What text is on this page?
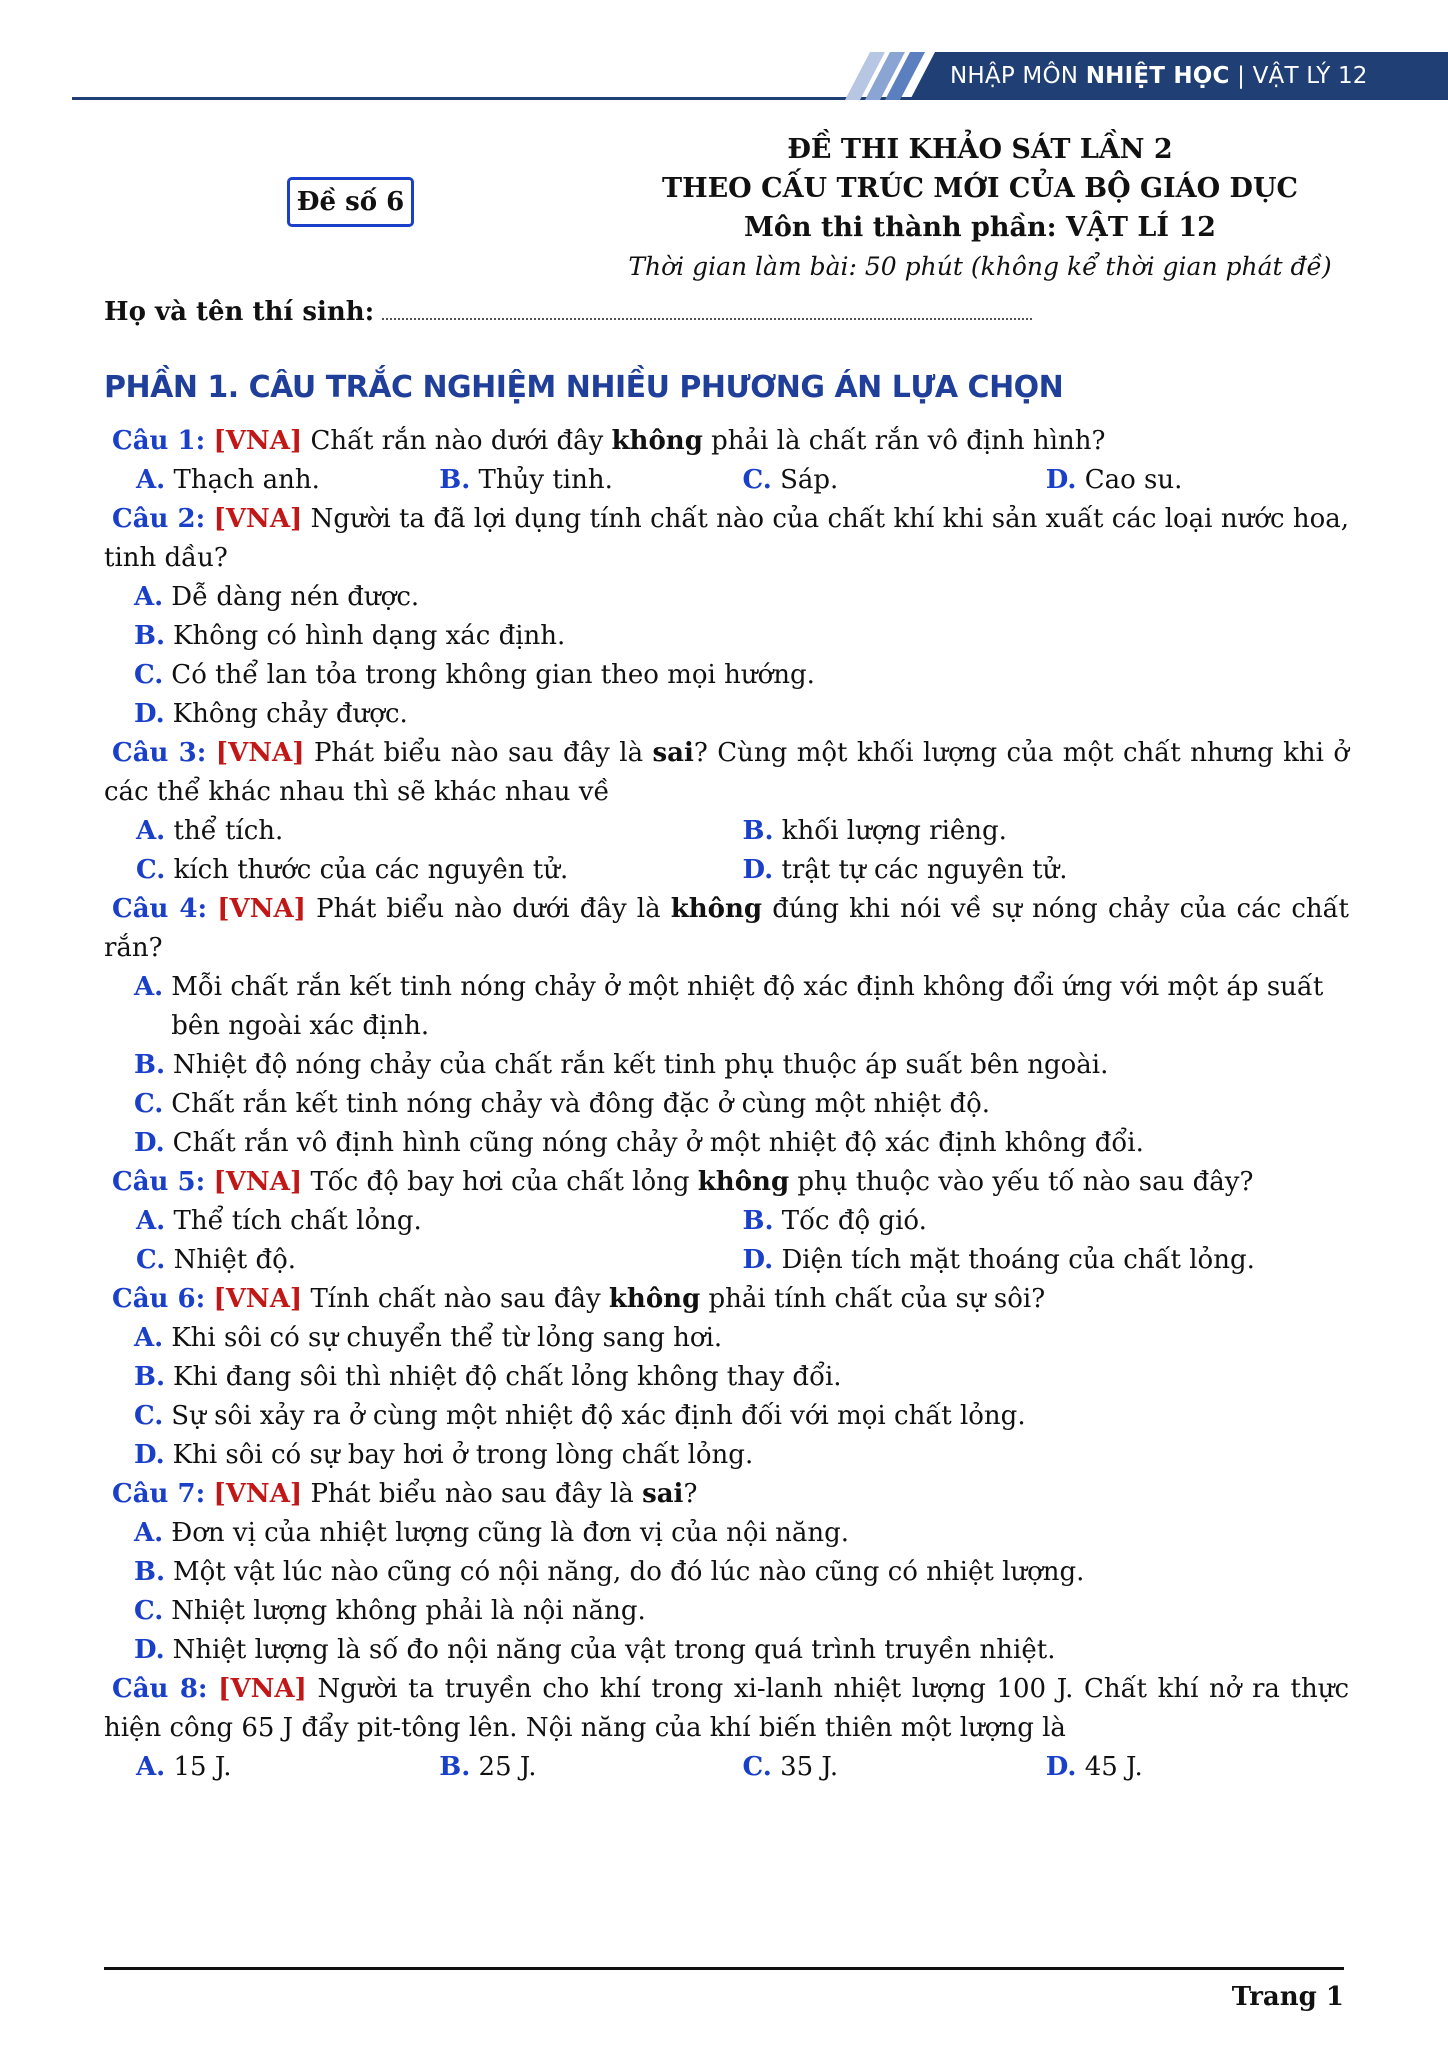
NHẬP MÔN NHIỆT HỌC | VẬT LÝ 12
Đề số 6
ĐỀ THI KHẢO SÁT LẦN 2
THEO CẤU TRÚC MỚI CỦA BỘ GIÁO DỤC
Môn thi thành phần: VẬT LÍ 12
Thời gian làm bài: 50 phút (không kể thời gian phát đề)
Họ và tên thí sinh:
PHẦN 1. CÂU TRẮC NGHIỆM NHIỀU PHƯƠNG ÁN LỰA CHỌN

Câu 1: [VNA] Chất rắn nào dưới đây không phải là chất rắn vô định hình?

A. Thạch anh.	B. Thủy tinh.	C. Sáp.	D. Cao su.

Câu 2: [VNA] Người ta đã lợi dụng tính chất nào của chất khí khi sản xuất các loại nước hoa, tinh dầu?

A. Dễ dàng nén được.
B. Không có hình dạng xác định.
C. Có thể lan tỏa trong không gian theo mọi hướng.
D. Không chảy được.

Câu 3: [VNA] Phát biểu nào sau đây là sai? Cùng một khối lượng của một chất nhưng khi ở các thể khác nhau thì sẽ khác nhau về

A. thể tích.	B. khối lượng riêng.
C. kích thước của các nguyên tử.	D. trật tự các nguyên tử.

Câu 4: [VNA] Phát biểu nào dưới đây là không đúng khi nói về sự nóng chảy của các chất rắn?

A. Mỗi chất rắn kết tinh nóng chảy ở một nhiệt độ xác định không đổi ứng với một áp suất bên ngoài xác định.
B. Nhiệt độ nóng chảy của chất rắn kết tinh phụ thuộc áp suất bên ngoài.
C. Chất rắn kết tinh nóng chảy và đông đặc ở cùng một nhiệt độ.
D. Chất rắn vô định hình cũng nóng chảy ở một nhiệt độ xác định không đổi.

Câu 5: [VNA] Tốc độ bay hơi của chất lỏng không phụ thuộc vào yếu tố nào sau đây?

A. Thể tích chất lỏng.	B. Tốc độ gió.
C. Nhiệt độ.	D. Diện tích mặt thoáng của chất lỏng.

Câu 6: [VNA] Tính chất nào sau đây không phải tính chất của sự sôi?

A. Khi sôi có sự chuyển thể từ lỏng sang hơi.
B. Khi đang sôi thì nhiệt độ chất lỏng không thay đổi.
C. Sự sôi xảy ra ở cùng một nhiệt độ xác định đối với mọi chất lỏng.
D. Khi sôi có sự bay hơi ở trong lòng chất lỏng.

Câu 7: [VNA] Phát biểu nào sau đây là sai?

A. Đơn vị của nhiệt lượng cũng là đơn vị của nội năng.
B. Một vật lúc nào cũng có nội năng, do đó lúc nào cũng có nhiệt lượng.
C. Nhiệt lượng không phải là nội năng.
D. Nhiệt lượng là số đo nội năng của vật trong quá trình truyền nhiệt.

Câu 8: [VNA] Người ta truyền cho khí trong xi-lanh nhiệt lượng 100 J. Chất khí nở ra thực hiện công 65 J đẩy pit-tông lên. Nội năng của khí biến thiên một lượng là

A. 15 J.	B. 25 J.	C. 35 J.	D. 45 J.
Trang 1
